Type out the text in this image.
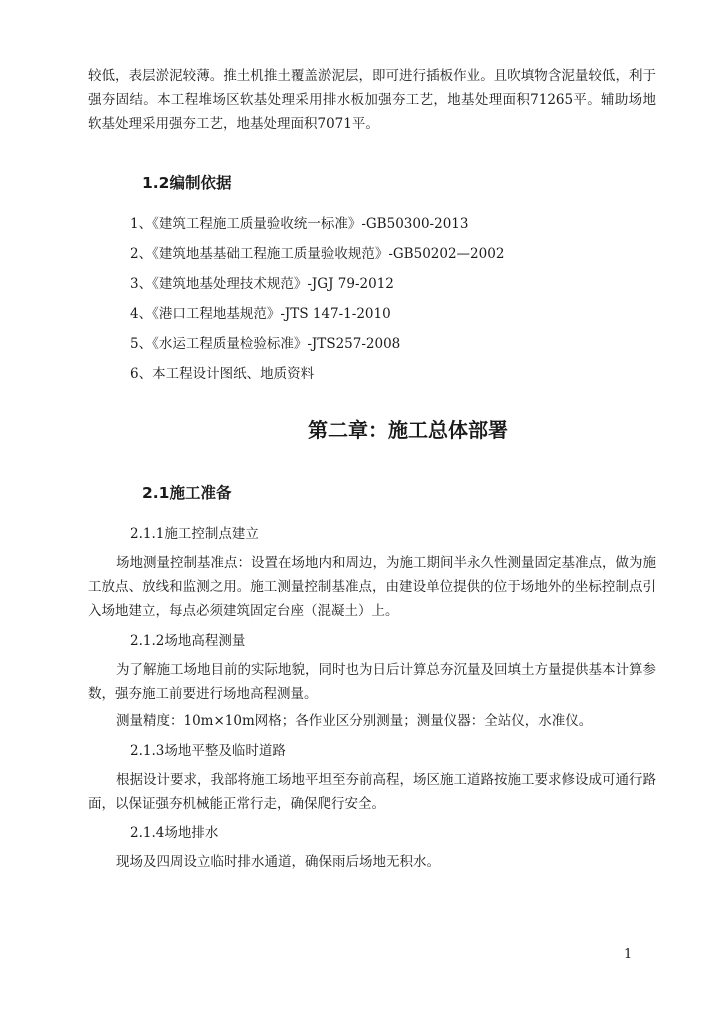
较低，表层淤泥较薄。推土机推土覆盖淤泥层，即可进行插板作业。且吹填物含泥量较低，利于强夯固结。本工程堆场区软基处理采用排水板加强夯工艺，地基处理面积71265平。辅助场地软基处理采用强夯工艺，地基处理面积7071平。

1.2编制依据

1、《建筑工程施工质量验收统一标准》-GB50300-2013

2、《建筑地基基础工程施工质量验收规范》-GB50202—2002

3、《建筑地基处理技术规范》-JGJ 79-2012

4、《港口工程地基规范》-JTS 147-1-2010

5、《水运工程质量检验标准》-JTS257-2008

6、本工程设计图纸、地质资料

第二章：施工总体部署
2.1施工准备

2.1.1施工控制点建立

场地测量控制基准点：设置在场地内和周边，为施工期间半永久性测量固定基准点，做为施工放点、放线和监测之用。施工测量控制基准点，由建设单位提供的位于场地外的坐标控制点引入场地建立，每点必须建筑固定台座（混凝土）上。

2.1.2场地高程测量

为了解施工场地目前的实际地貌，同时也为日后计算总夯沉量及回填土方量提供基本计算参数，强夯施工前要进行场地高程测量。

测量精度：10m×10m网格；各作业区分别测量；测量仪器：全站仪，水准仪。

2.1.3场地平整及临时道路

根据设计要求，我部将施工场地平坦至夯前高程，场区施工道路按施工要求修设成可通行路面，以保证强夯机械能正常行走，确保爬行安全。

2.1.4场地排水

现场及四周设立临时排水通道，确保雨后场地无积水。

1
